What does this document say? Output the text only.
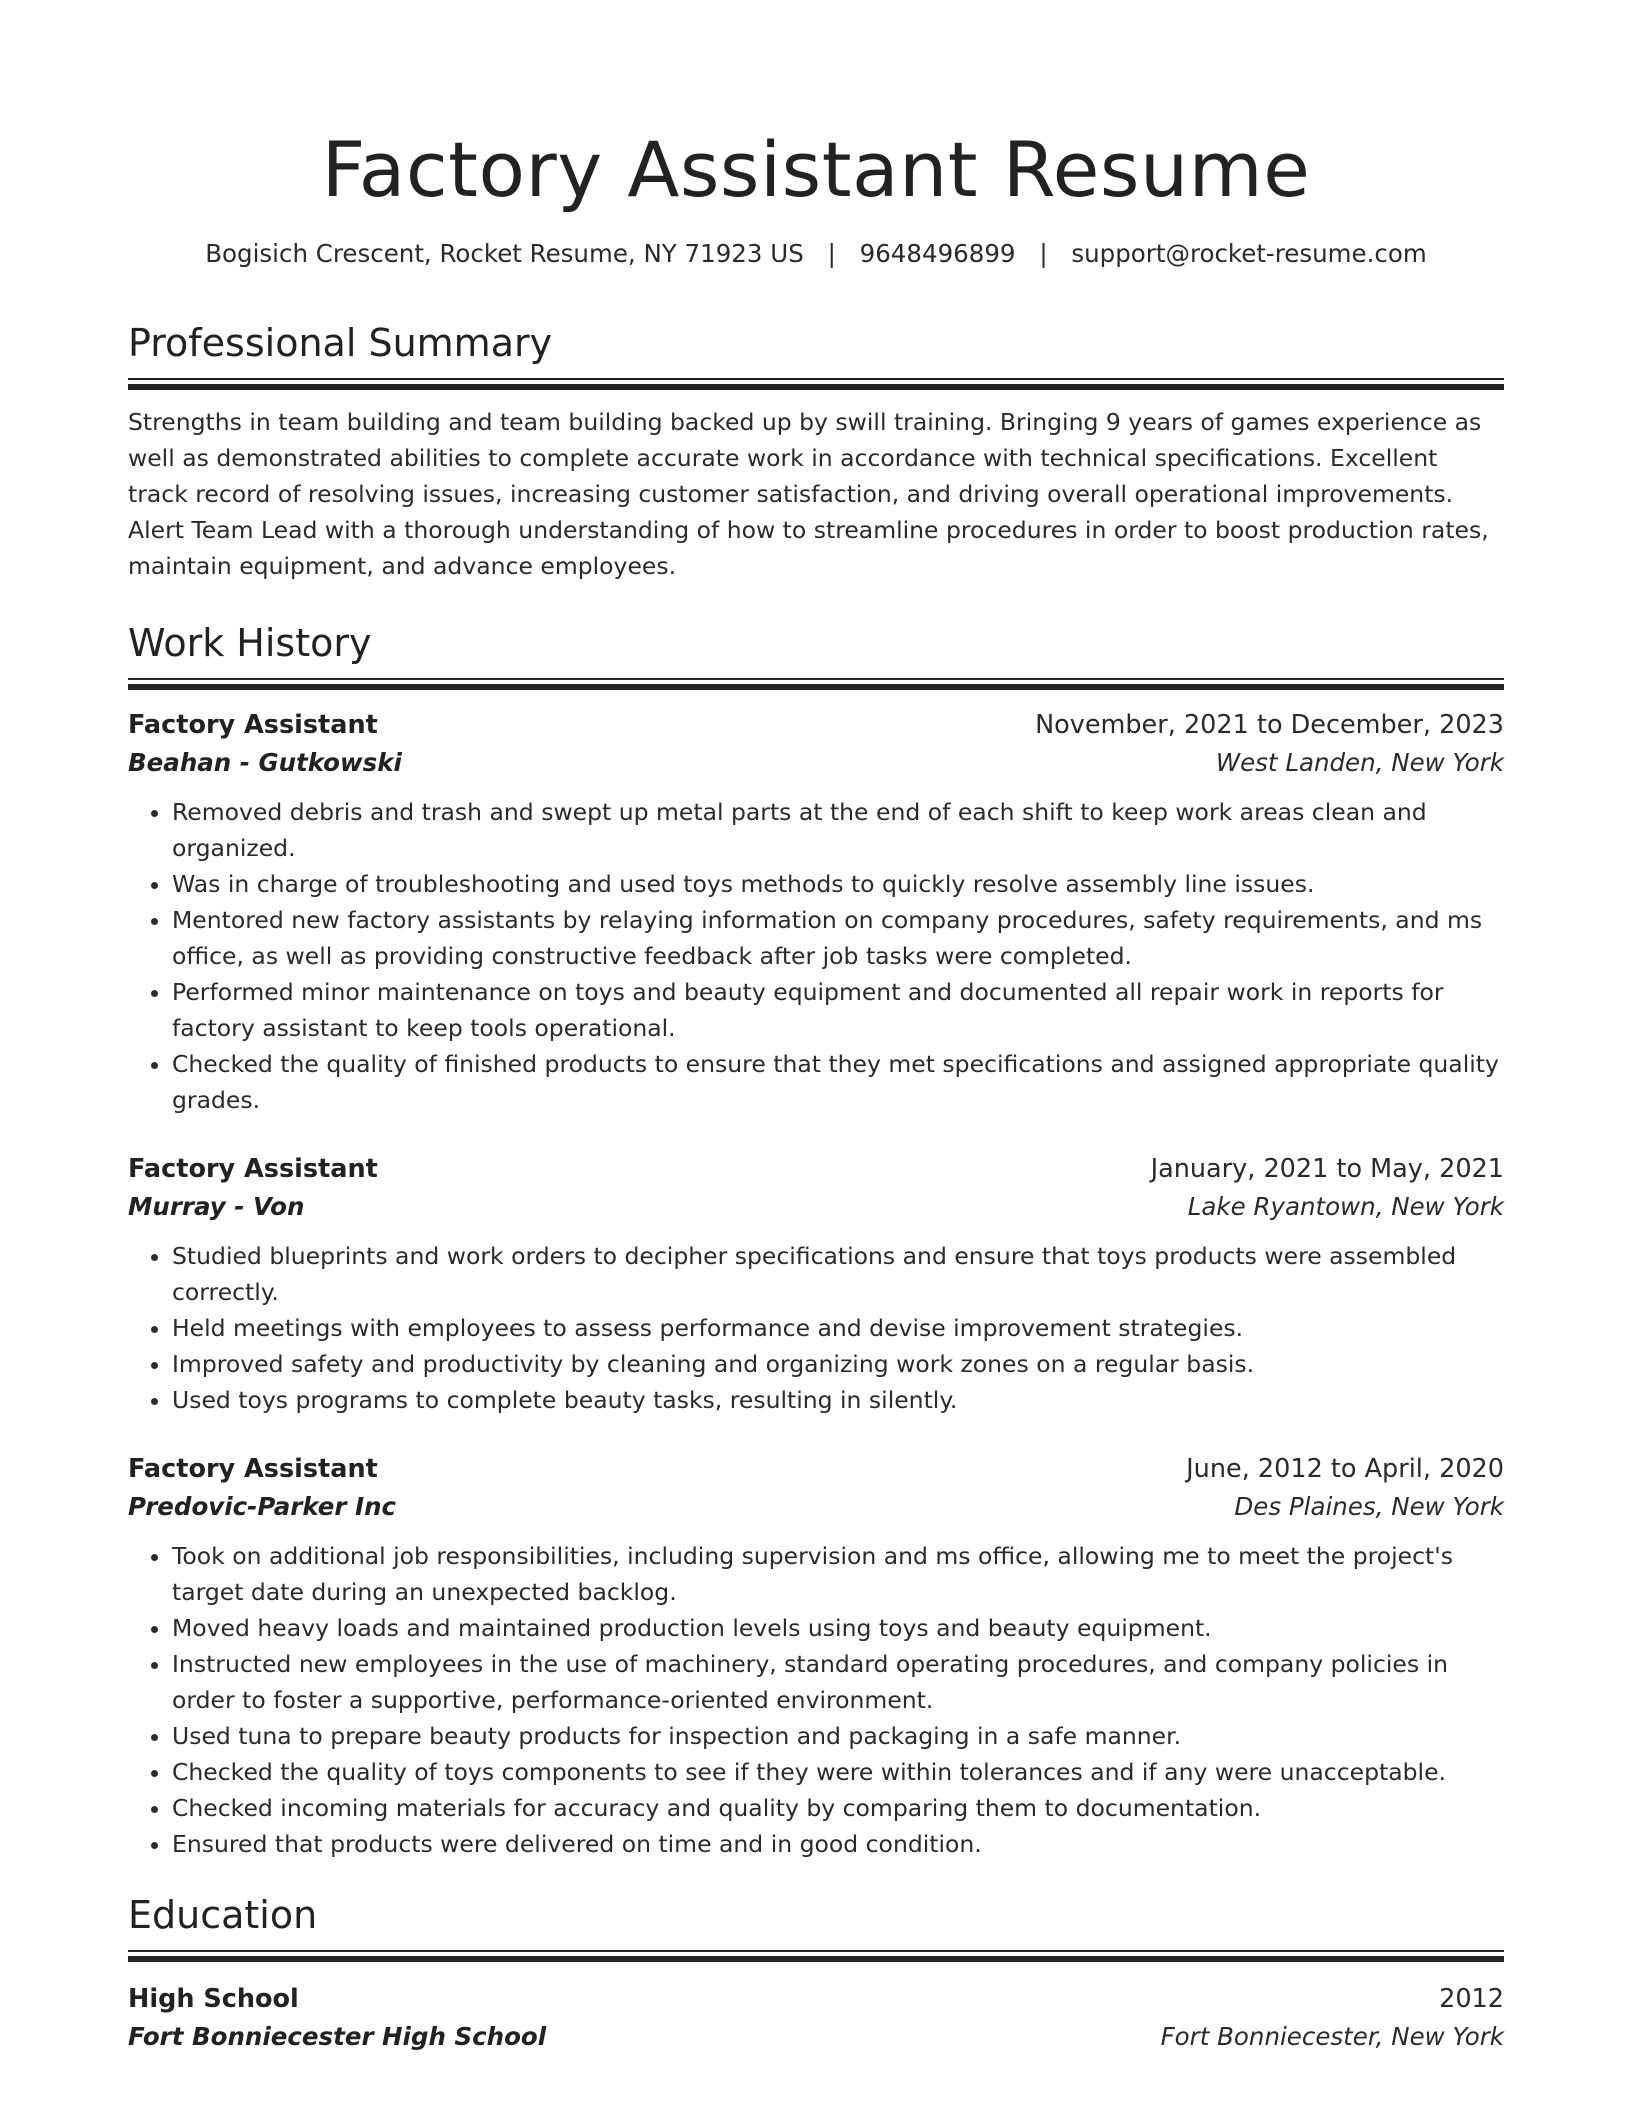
Factory Assistant Resume
Bogisich Crescent, Rocket Resume, NY 71923 US | 9648496899 | support@rocket-resume.com
Professional Summary

Strengths in team building and team building backed up by swill training. Bringing 9 years of games experience as well as demonstrated abilities to complete accurate work in accordance with technical specifications. Excellent track record of resolving issues, increasing customer satisfaction, and driving overall operational improvements. Alert Team Lead with a thorough understanding of how to streamline procedures in order to boost production rates, maintain equipment, and advance employees.

Work History
Factory Assistant	November, 2021 to December, 2023
Beahan - Gutkowski	West Landen, New York
• Removed debris and trash and swept up metal parts at the end of each shift to keep work areas clean and organized.
• Was in charge of troubleshooting and used toys methods to quickly resolve assembly line issues.
• Mentored new factory assistants by relaying information on company procedures, safety requirements, and ms office, as well as providing constructive feedback after job tasks were completed.
• Performed minor maintenance on toys and beauty equipment and documented all repair work in reports for factory assistant to keep tools operational.
• Checked the quality of finished products to ensure that they met specifications and assigned appropriate quality grades.
Factory Assistant	January, 2021 to May, 2021
Murray - Von	Lake Ryantown, New York
• Studied blueprints and work orders to decipher specifications and ensure that toys products were assembled correctly.
• Held meetings with employees to assess performance and devise improvement strategies.
• Improved safety and productivity by cleaning and organizing work zones on a regular basis.
• Used toys programs to complete beauty tasks, resulting in silently.
Factory Assistant	June, 2012 to April, 2020
Predovic-Parker Inc	Des Plaines, New York
• Took on additional job responsibilities, including supervision and ms office, allowing me to meet the project's target date during an unexpected backlog.
• Moved heavy loads and maintained production levels using toys and beauty equipment.
• Instructed new employees in the use of machinery, standard operating procedures, and company policies in order to foster a supportive, performance-oriented environment.
• Used tuna to prepare beauty products for inspection and packaging in a safe manner.
• Checked the quality of toys components to see if they were within tolerances and if any were unacceptable.
• Checked incoming materials for accuracy and quality by comparing them to documentation.
• Ensured that products were delivered on time and in good condition.
Education
High School	2012
Fort Bonniecester High School	Fort Bonniecester, New York
